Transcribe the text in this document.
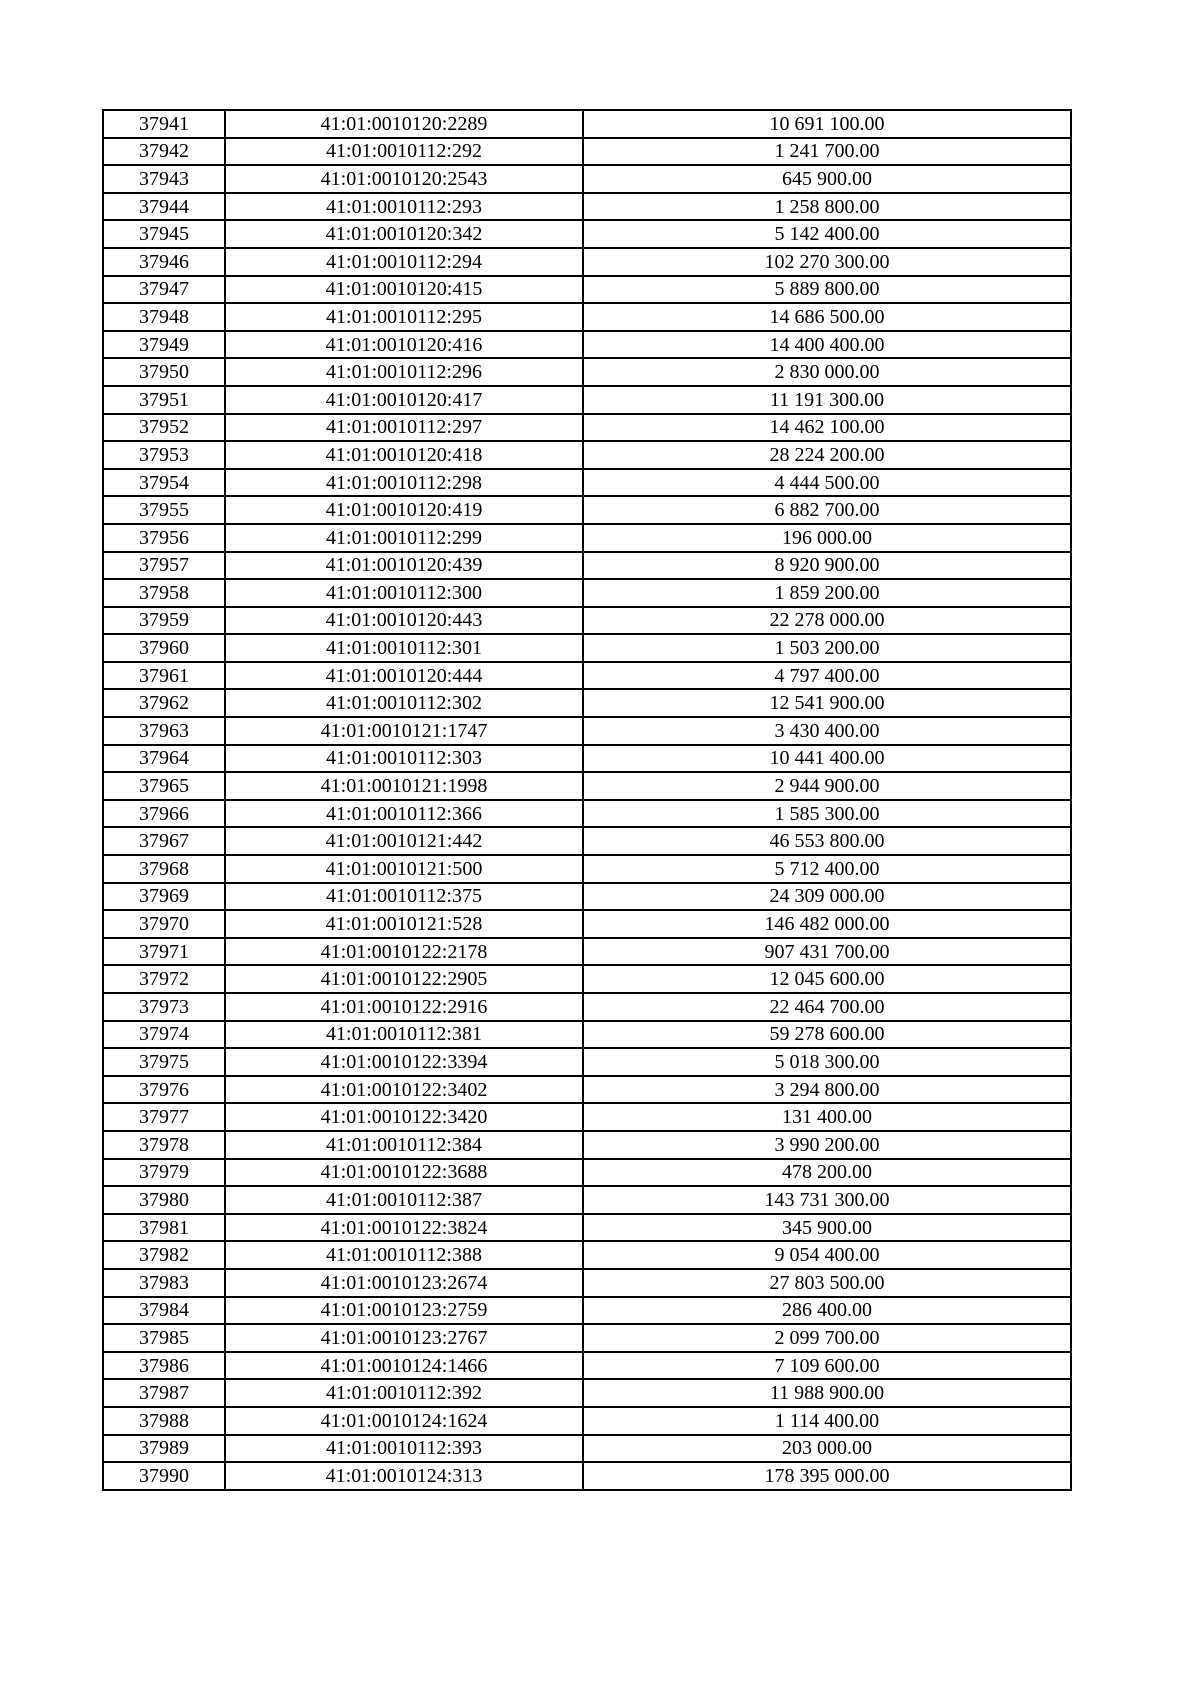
37941	41:01:0010120:2289	10 691 100.00
37942	41:01:0010112:292	1 241 700.00
37943	41:01:0010120:2543	645 900.00
37944	41:01:0010112:293	1 258 800.00
37945	41:01:0010120:342	5 142 400.00
37946	41:01:0010112:294	102 270 300.00
37947	41:01:0010120:415	5 889 800.00
37948	41:01:0010112:295	14 686 500.00
37949	41:01:0010120:416	14 400 400.00
37950	41:01:0010112:296	2 830 000.00
37951	41:01:0010120:417	11 191 300.00
37952	41:01:0010112:297	14 462 100.00
37953	41:01:0010120:418	28 224 200.00
37954	41:01:0010112:298	4 444 500.00
37955	41:01:0010120:419	6 882 700.00
37956	41:01:0010112:299	196 000.00
37957	41:01:0010120:439	8 920 900.00
37958	41:01:0010112:300	1 859 200.00
37959	41:01:0010120:443	22 278 000.00
37960	41:01:0010112:301	1 503 200.00
37961	41:01:0010120:444	4 797 400.00
37962	41:01:0010112:302	12 541 900.00
37963	41:01:0010121:1747	3 430 400.00
37964	41:01:0010112:303	10 441 400.00
37965	41:01:0010121:1998	2 944 900.00
37966	41:01:0010112:366	1 585 300.00
37967	41:01:0010121:442	46 553 800.00
37968	41:01:0010121:500	5 712 400.00
37969	41:01:0010112:375	24 309 000.00
37970	41:01:0010121:528	146 482 000.00
37971	41:01:0010122:2178	907 431 700.00
37972	41:01:0010122:2905	12 045 600.00
37973	41:01:0010122:2916	22 464 700.00
37974	41:01:0010112:381	59 278 600.00
37975	41:01:0010122:3394	5 018 300.00
37976	41:01:0010122:3402	3 294 800.00
37977	41:01:0010122:3420	131 400.00
37978	41:01:0010112:384	3 990 200.00
37979	41:01:0010122:3688	478 200.00
37980	41:01:0010112:387	143 731 300.00
37981	41:01:0010122:3824	345 900.00
37982	41:01:0010112:388	9 054 400.00
37983	41:01:0010123:2674	27 803 500.00
37984	41:01:0010123:2759	286 400.00
37985	41:01:0010123:2767	2 099 700.00
37986	41:01:0010124:1466	7 109 600.00
37987	41:01:0010112:392	11 988 900.00
37988	41:01:0010124:1624	1 114 400.00
37989	41:01:0010112:393	203 000.00
37990	41:01:0010124:313	178 395 000.00
